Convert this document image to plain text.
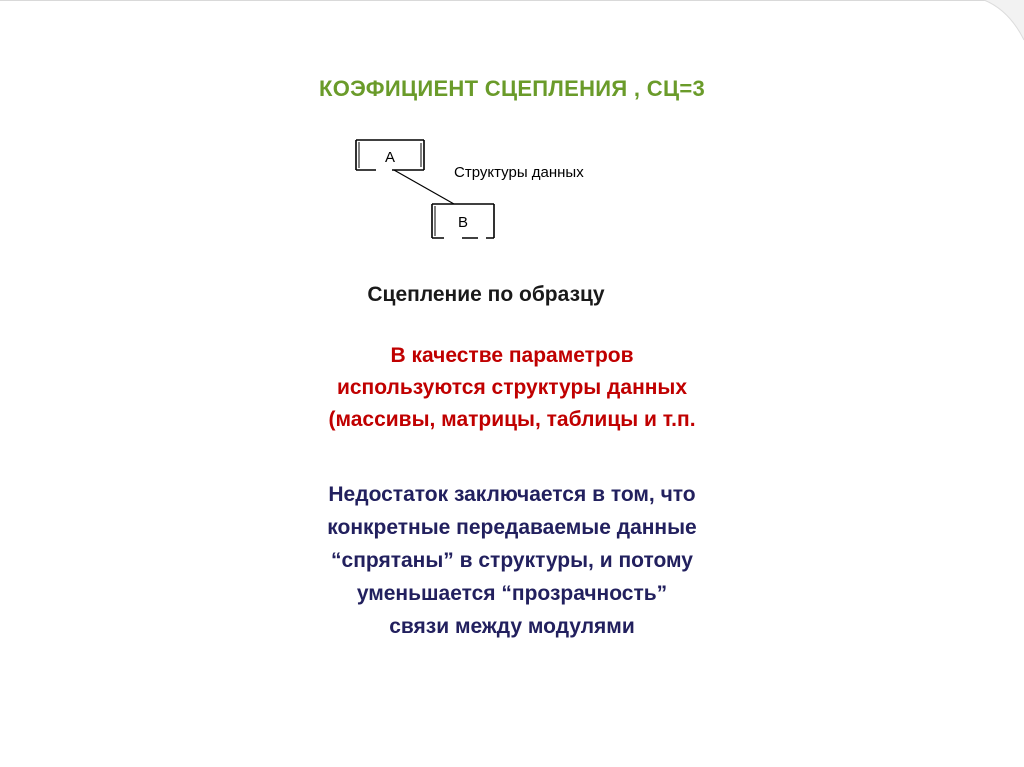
КОЭФИЦИЕНТ СЦЕПЛЕНИЯ , СЦ=3
А
В
Структуры данных
Сцепление по образцу
В качестве параметров
используются структуры данных
(массивы, матрицы, таблицы и т.п.
Недостаток заключается в том, что
конкретные передаваемые данные
“спрятаны” в структуры, и потому
уменьшается “прозрачность”
связи между модулями
